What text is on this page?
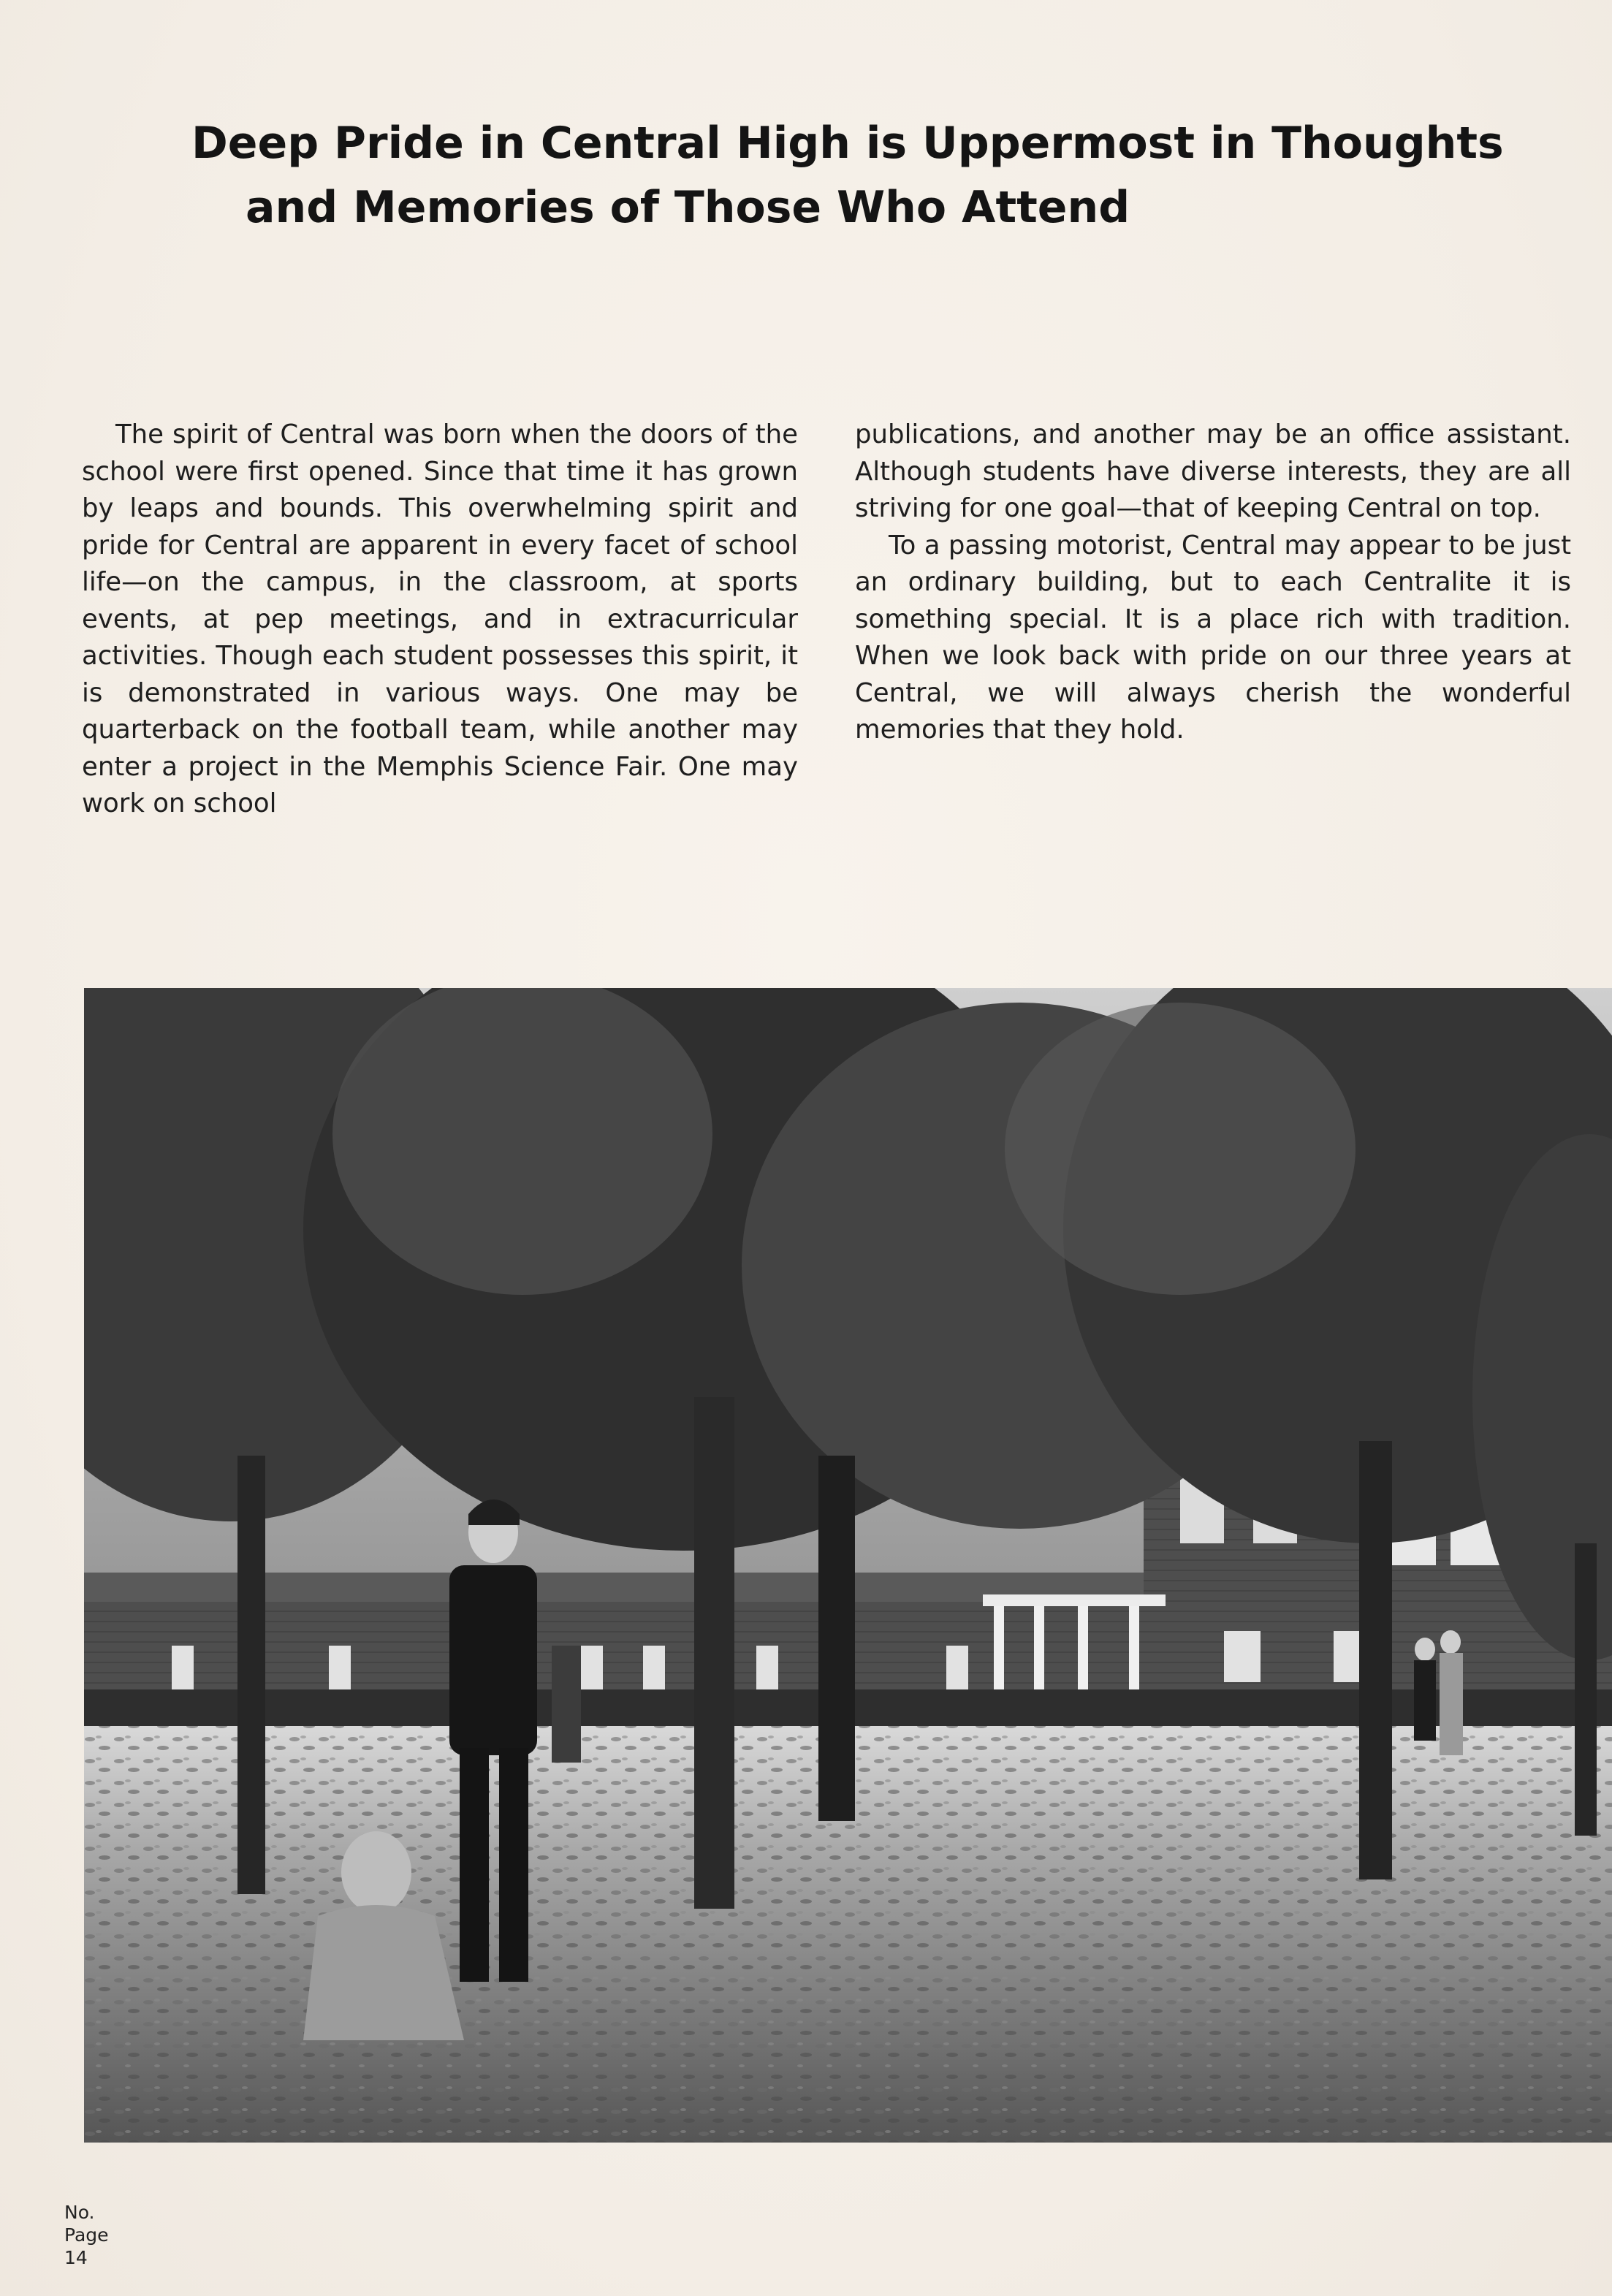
Deep Pride in Central High is Uppermost in Thoughts
and Memories of Those Who Attend

The spirit of Central was born when the doors of the school were first opened. Since that time it has grown by leaps and bounds. This overwhelming spirit and pride for Central are apparent in every facet of school life—on the campus, in the classroom, at sports events, at pep meetings, and in extracurricular activities. Though each student possesses this spirit, it is demonstrated in various ways. One may be quarterback on the football team, while another may enter a project in the Memphis Science Fair. One may work on school

publications, and another may be an office assistant. Although students have diverse interests, they are all striving for one goal—that of keeping Central on top.

To a passing motorist, Central may appear to be just an ordinary building, but to each Centralite it is something special. It is a place rich with tradition. When we look back with pride on our three years at Central, we will always cherish the wonderful memories that they hold.

No.
Page
14
